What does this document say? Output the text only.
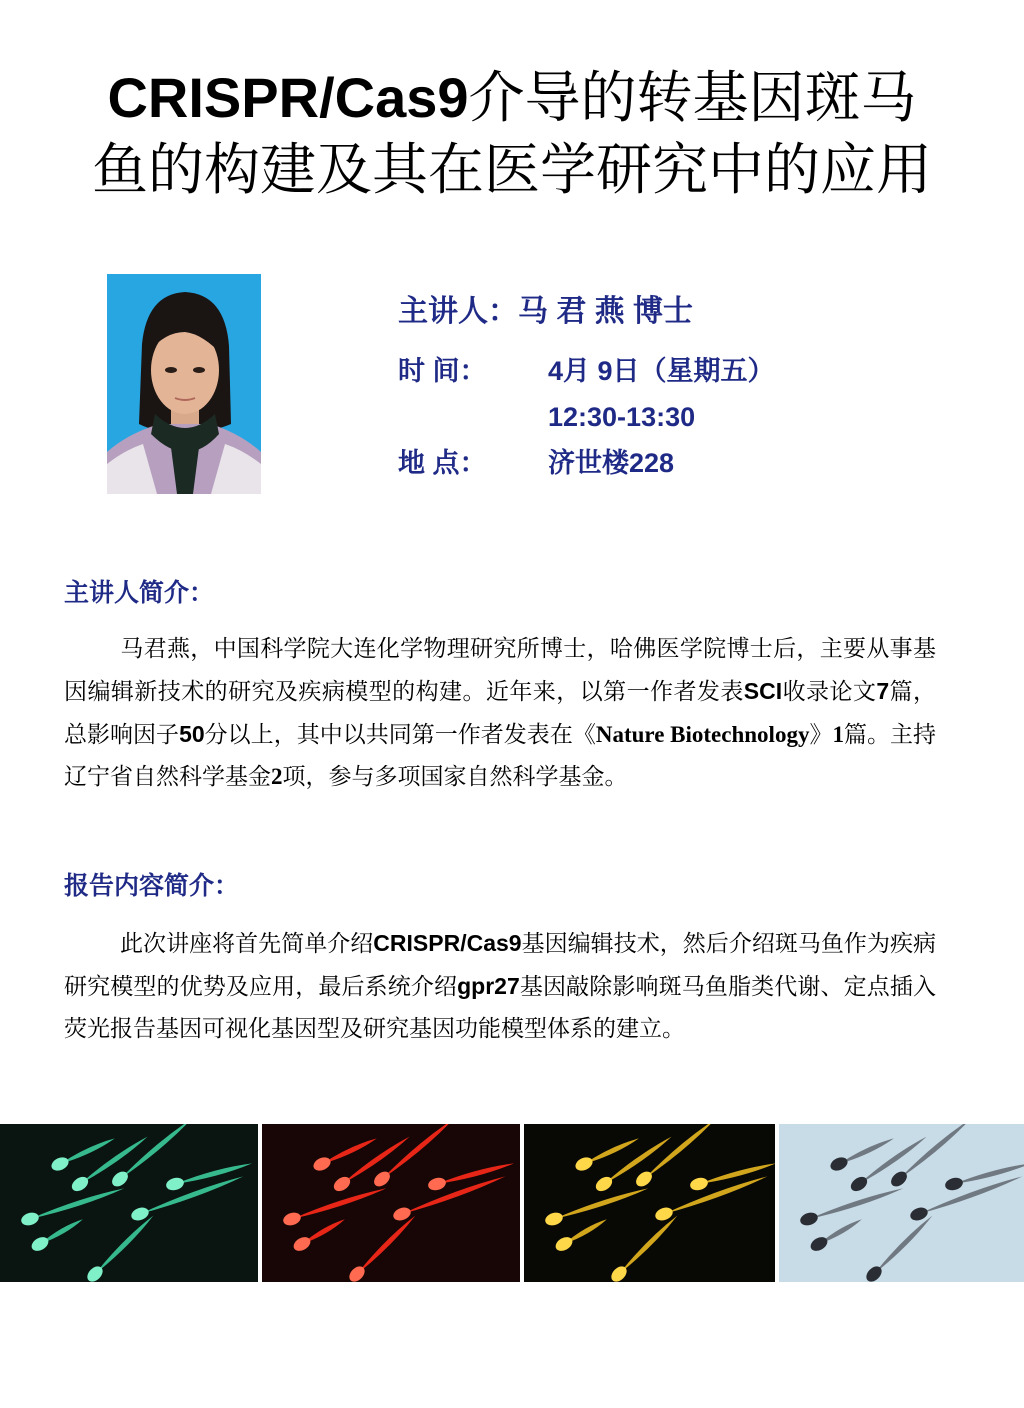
CRISPR/Cas9介导的转基因斑马
鱼的构建及其在医学研究中的应用
主讲人：马 君 燕 博士
时 间：	4月 9日（星期五）
12:30-13:30
地 点：	济世楼228
主讲人简介：
马君燕，中国科学院大连化学物理研究所博士，哈佛医学院博士后，主要从事基因编辑新技术的研究及疾病模型的构建。近年来，以第一作者发表SCI收录论文7篇，总影响因子50分以上，其中以共同第一作者发表在《Nature Biotechnology》1篇。主持辽宁省自然科学基金2项，参与多项国家自然科学基金。
报告内容简介：
此次讲座将首先简单介绍CRISPR/Cas9基因编辑技术，然后介绍斑马鱼作为疾病研究模型的优势及应用，最后系统介绍gpr27基因敲除影响斑马鱼脂类代谢、定点插入荧光报告基因可视化基因型及研究基因功能模型体系的建立。
